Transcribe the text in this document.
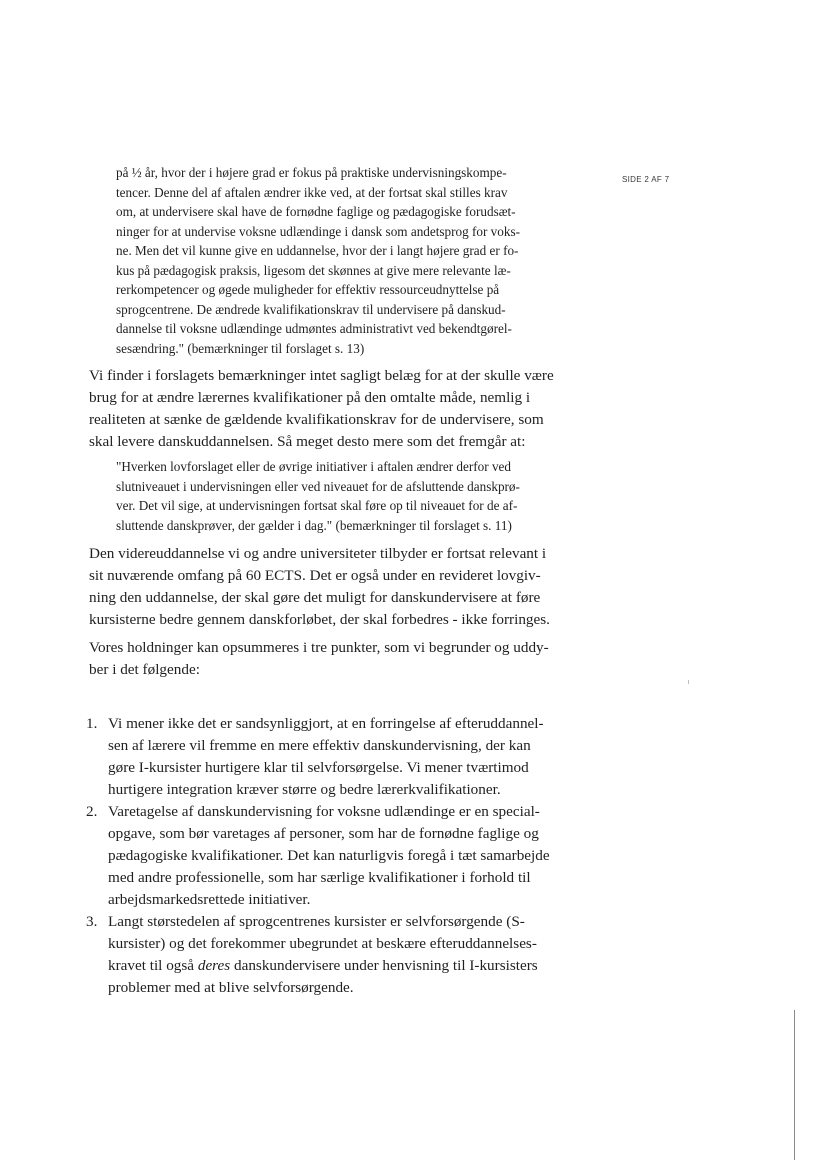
SIDE 2 AF 7

på ½ år, hvor der i højere grad er fokus på praktiske undervisningskompe-
tencer. Denne del af aftalen ændrer ikke ved, at der fortsat skal stilles krav
om, at undervisere skal have de fornødne faglige og pædagogiske forudsæt-
ninger for at undervise voksne udlændinge i dansk som andetsprog for voks-
ne. Men det vil kunne give en uddannelse, hvor der i langt højere grad er fo-
kus på pædagogisk praksis, ligesom det skønnes at give mere relevante læ-
rerkompetencer og øgede muligheder for effektiv ressourceudnyttelse på
sprogcentrene. De ændrede kvalifikationskrav til undervisere på danskud-
dannelse til voksne udlændinge udmøntes administrativt ved bekendtgørel-
sesændring." (bemærkninger til forslaget s. 13)

Vi finder i forslagets bemærkninger intet sagligt belæg for at der skulle være
brug for at ændre lærernes kvalifikationer på den omtalte måde, nemlig i
realiteten at sænke de gældende kvalifikationskrav for de undervisere, som
skal levere danskuddannelsen. Så meget desto mere som det fremgår at:

"Hverken lovforslaget eller de øvrige initiativer i aftalen ændrer derfor ved
slutniveauet i undervisningen eller ved niveauet for de afsluttende danskprø-
ver. Det vil sige, at undervisningen fortsat skal føre op til niveauet for de af-
sluttende danskprøver, der gælder i dag." (bemærkninger til forslaget s. 11)

Den videreuddannelse vi og andre universiteter tilbyder er fortsat relevant i
sit nuværende omfang på 60 ECTS. Det er også under en revideret lovgiv-
ning den uddannelse, der skal gøre det muligt for danskundervisere at føre
kursisterne bedre gennem danskforløbet, der skal forbedres - ikke forringes.

Vores holdninger kan opsummeres i tre punkter, som vi begrunder og uddy-
ber i det følgende:

1. Vi mener ikke det er sandsynliggjort, at en forringelse af efteruddannel-
sen af lærere vil fremme en mere effektiv danskundervisning, der kan
gøre I-kursister hurtigere klar til selvforsørgelse. Vi mener tværtimod
hurtigere integration kræver større og bedre lærerkvalifikationer.
2. Varetagelse af danskundervisning for voksne udlændinge er en special-
opgave, som bør varetages af personer, som har de fornødne faglige og
pædagogiske kvalifikationer. Det kan naturligvis foregå i tæt samarbejde
med andre professionelle, som har særlige kvalifikationer i forhold til
arbejdsmarkedsrettede initiativer.
3. Langt størstedelen af sprogcentrenes kursister er selvforsørgende (S-
kursister) og det forekommer ubegrundet at beskære efteruddannelses-
kravet til også deres danskundervisere under henvisning til I-kursisters
problemer med at blive selvforsørgende.
